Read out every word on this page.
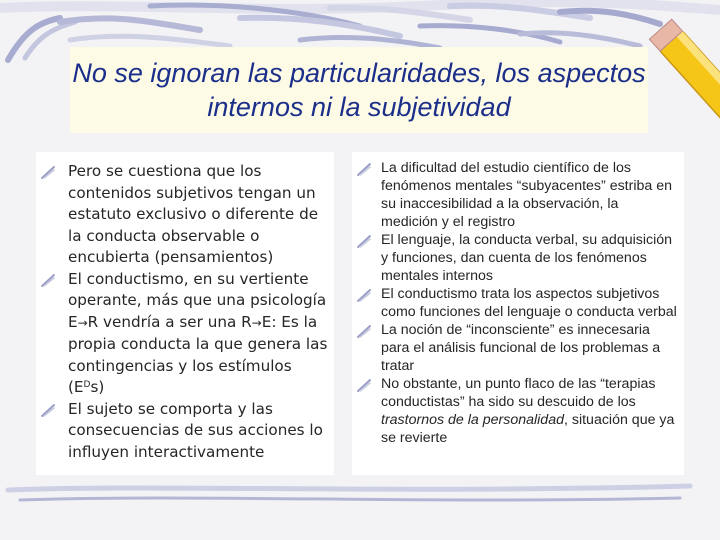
No se ignoran las particularidades, los aspectos internos ni la subjetividad
Pero se cuestiona que los contenidos subjetivos tengan un estatuto exclusivo o diferente de la conducta observable o encubierta (pensamientos)
El conductismo, en su vertiente operante, más que una psicología E→R vendría a ser una R→E: Es la propia conducta la que genera las contingencias y los estímulos $(E^Ds)$
El sujeto se comporta y las consecuencias de sus acciones lo influyen interactivamente
La dificultad del estudio científico de los fenómenos mentales “subyacentes” estriba en su inaccesibilidad a la observación, la medición y el registro
El lenguaje, la conducta verbal, su adquisición y funciones, dan cuenta de los fenómenos mentales internos
El conductismo trata los aspectos subjetivos como funciones del lenguaje o conducta verbal
La noción de “inconsciente” es innecesaria para el análisis funcional de los problemas a tratar
No obstante, un punto flaco de las “terapias conductistas” ha sido su descuido de los trastornos de la personalidad, situación que ya se revierte
